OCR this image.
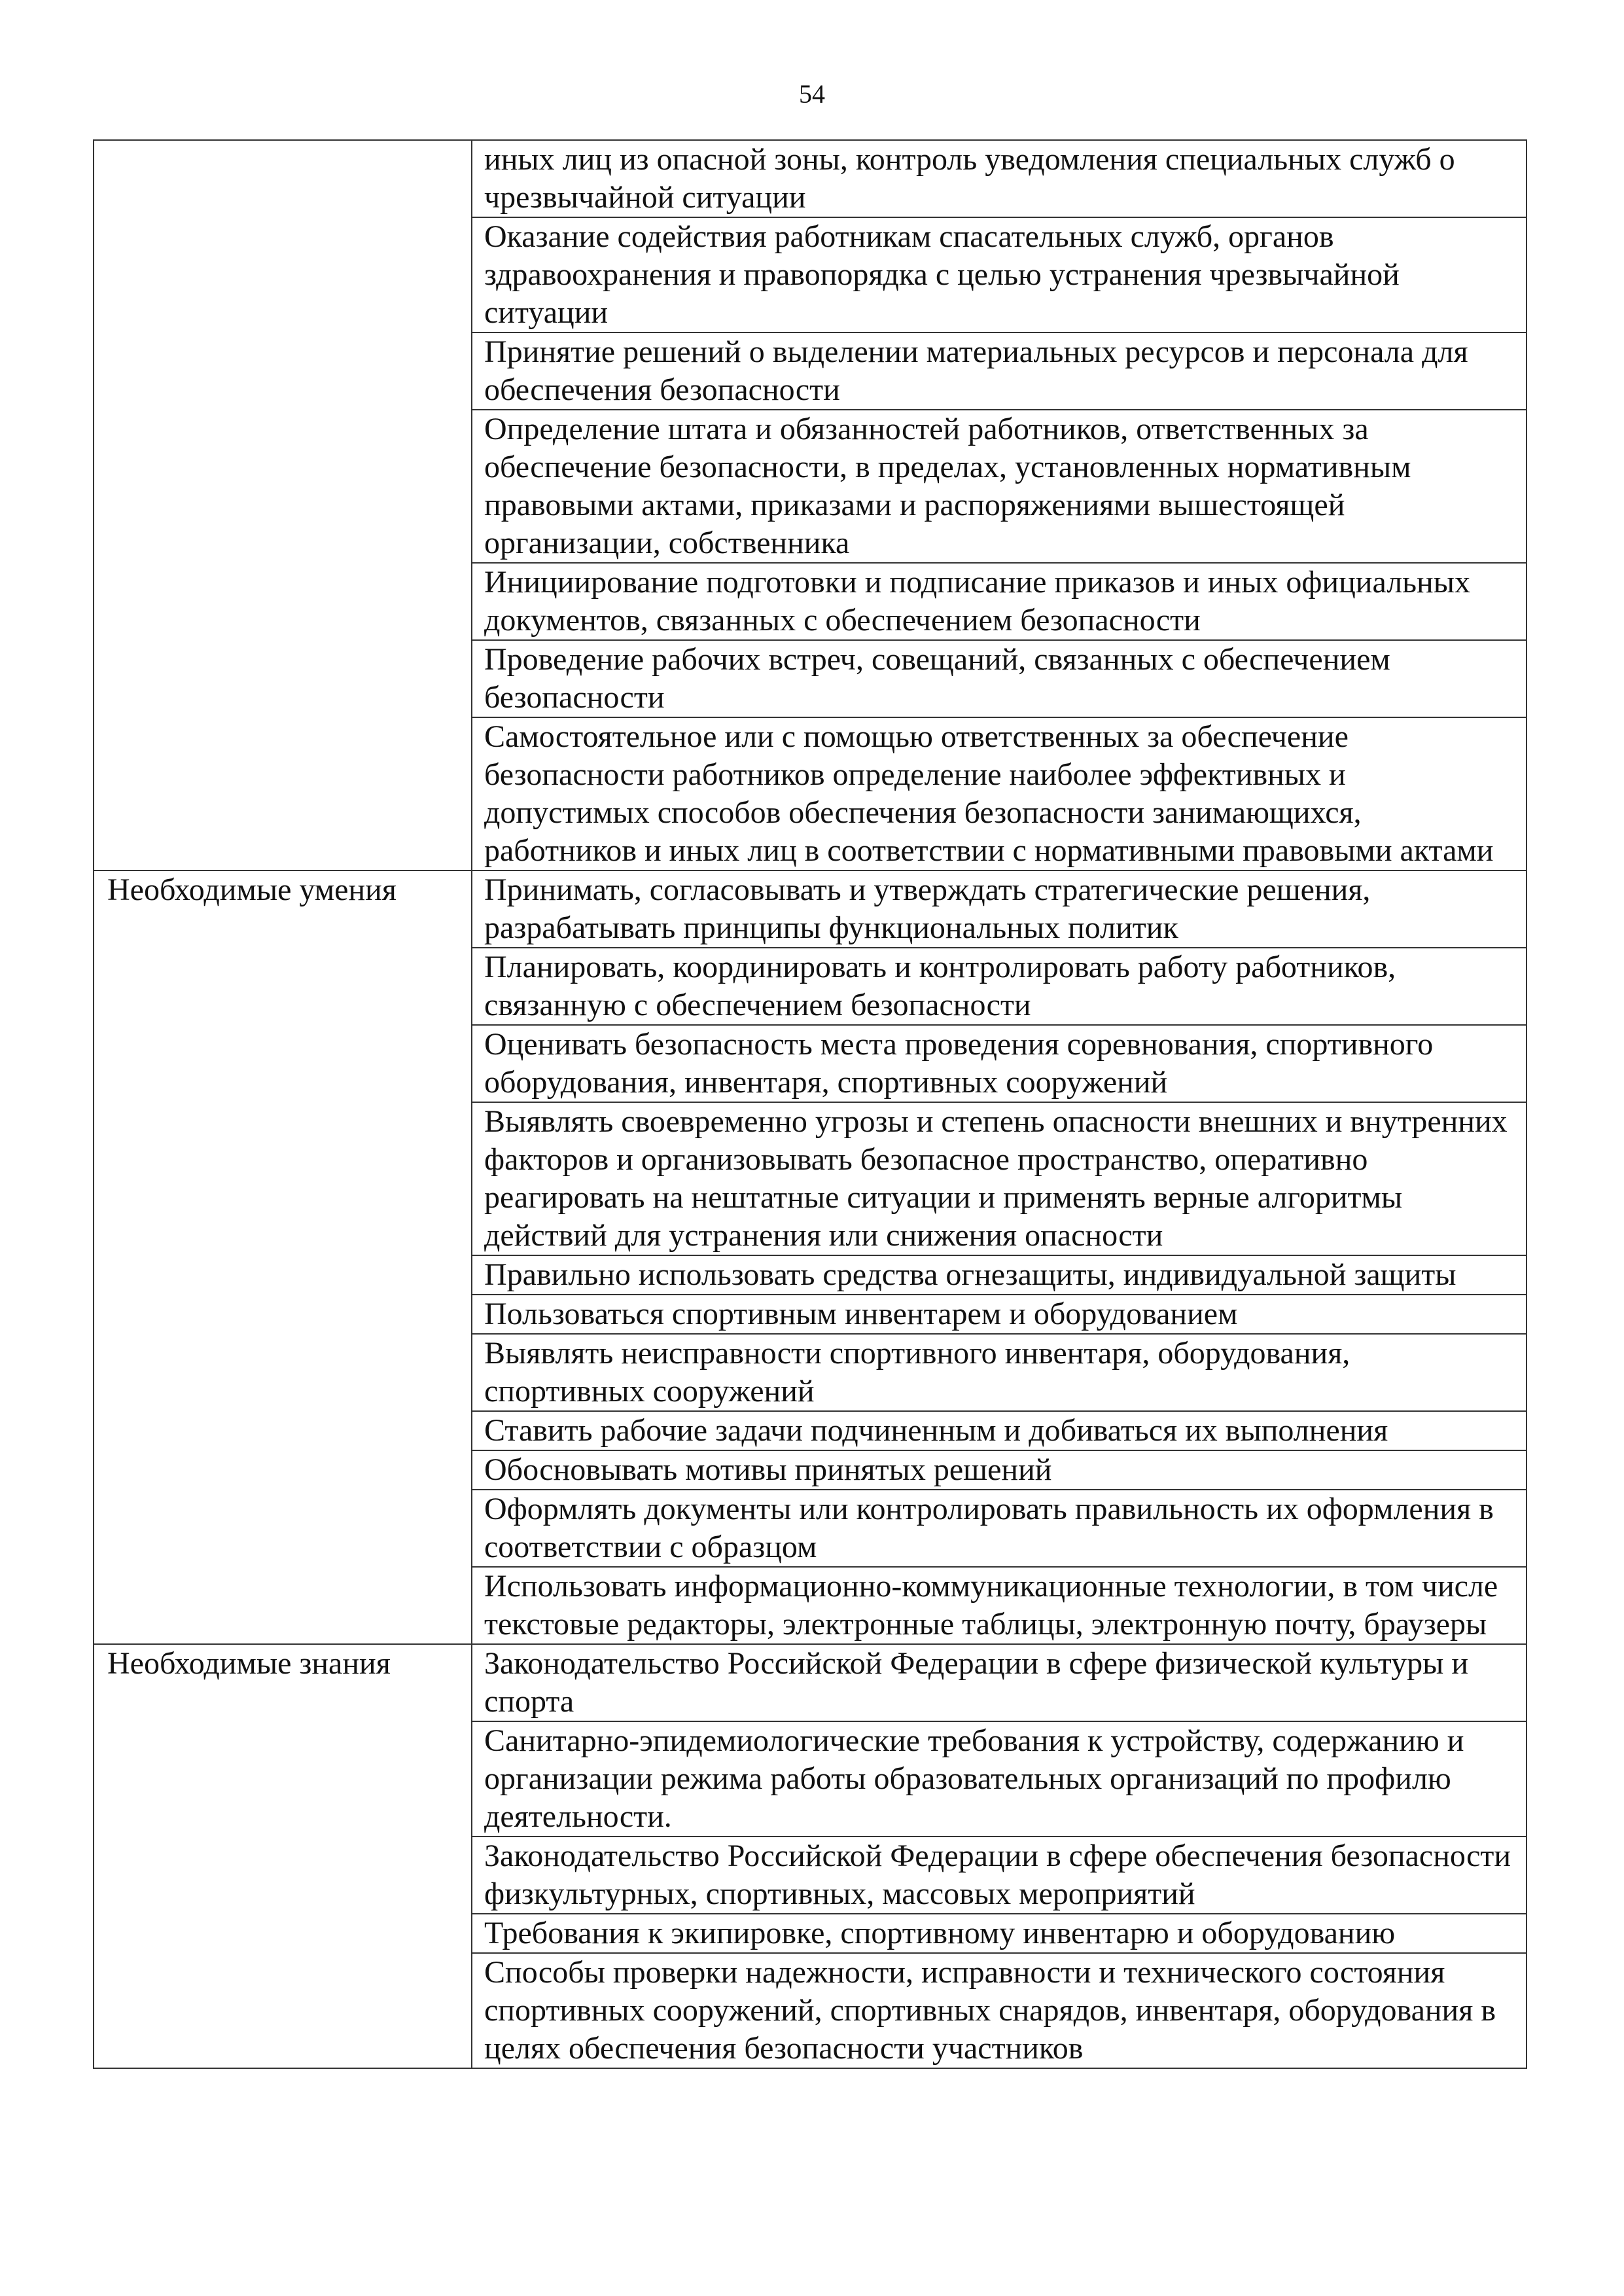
54
	иных лиц из опасной зоны, контроль уведомления специальных служб о чрезвычайной ситуации
	Оказание содействия работникам спасательных служб, органов здравоохранения и правопорядка с целью устранения чрезвычайной ситуации
	Принятие решений о выделении материальных ресурсов и персонала для обеспечения безопасности
	Определение штата и обязанностей работников, ответственных за обеспечение безопасности, в пределах, установленных нормативным правовыми актами, приказами и распоряжениями вышестоящей организации, собственника
	Инициирование подготовки и подписание приказов и иных официальных документов, связанных с обеспечением безопасности
	Проведение рабочих встреч, совещаний, связанных с обеспечением безопасности
	Самостоятельное или с помощью ответственных за обеспечение безопасности работников определение наиболее эффективных и допустимых способов обеспечения безопасности занимающихся, работников и иных лиц в соответствии с нормативными правовыми актами
Необходимые умения	Принимать, согласовывать и утверждать стратегические решения, разрабатывать принципы функциональных политик
	Планировать, координировать и контролировать работу работников, связанную с обеспечением безопасности
	Оценивать безопасность места проведения соревнования, спортивного оборудования, инвентаря, спортивных сооружений
	Выявлять своевременно угрозы и степень опасности внешних и внутренних факторов и организовывать безопасное пространство, оперативно реагировать на нештатные ситуации и применять верные алгоритмы действий для устранения или снижения опасности
	Правильно использовать средства огнезащиты, индивидуальной защиты
	Пользоваться спортивным инвентарем и оборудованием
	Выявлять неисправности спортивного инвентаря, оборудования, спортивных сооружений
	Ставить рабочие задачи подчиненным и добиваться их выполнения
	Обосновывать мотивы принятых решений
	Оформлять документы или контролировать правильность их оформления в соответствии с образцом
	Использовать информационно-коммуникационные технологии, в том числе текстовые редакторы, электронные таблицы, электронную почту, браузеры
Необходимые знания	Законодательство Российской Федерации в сфере физической культуры и спорта
	Санитарно-эпидемиологические требования к устройству, содержанию и организации режима работы образовательных организаций по профилю деятельности.
	Законодательство Российской Федерации в сфере обеспечения безопасности физкультурных, спортивных, массовых мероприятий
	Требования к экипировке, спортивному инвентарю и оборудованию
	Способы проверки надежности, исправности и технического состояния спортивных сооружений, спортивных снарядов, инвентаря, оборудования в целях обеспечения безопасности участников
